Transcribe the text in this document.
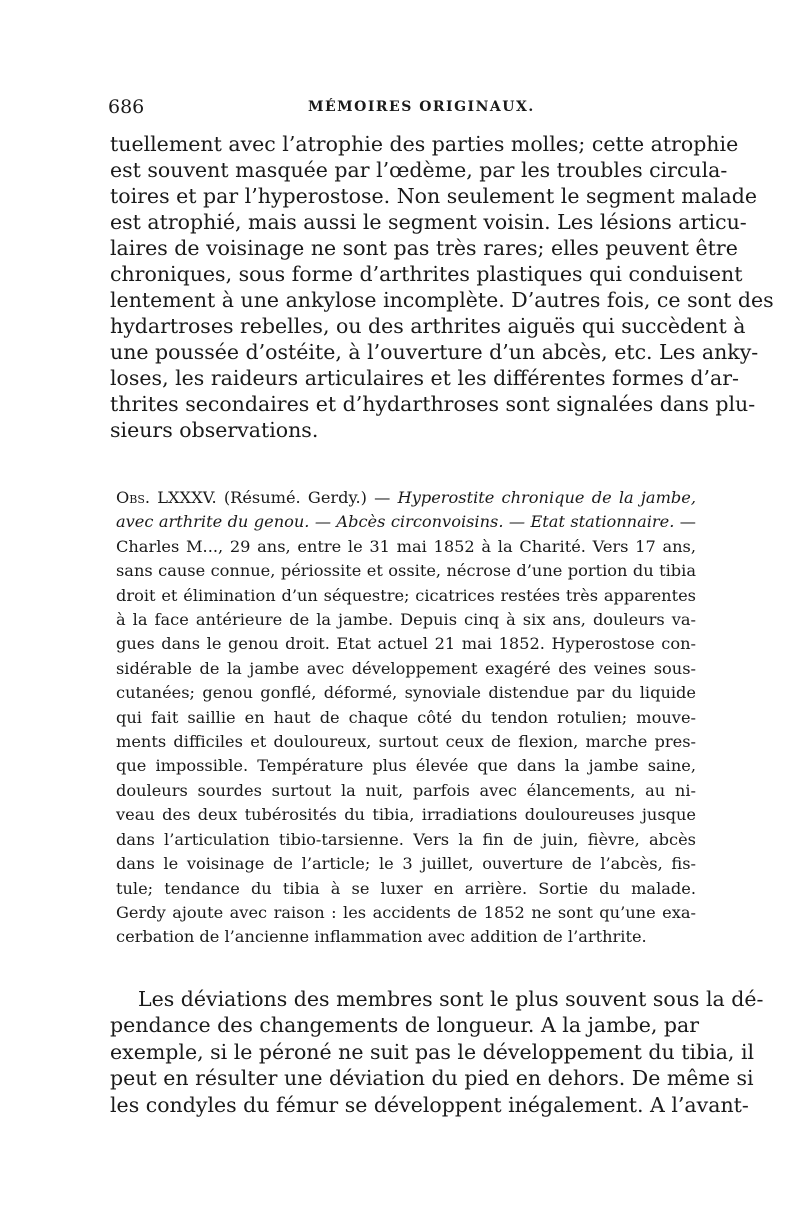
686	MÉMOIRES ORIGINAUX.

tuellement avec l’atrophie des parties molles; cette atrophie
est souvent masquée par l’œdème, par les troubles circula-
toires et par l’hyperostose. Non seulement le segment malade
est atrophié, mais aussi le segment voisin. Les lésions articu-
laires de voisinage ne sont pas très rares; elles peuvent être
chroniques, sous forme d’arthrites plastiques qui conduisent
lentement à une ankylose incomplète. D’autres fois, ce sont des
hydartroses rebelles, ou des arthrites aiguës qui succèdent à
une poussée d’ostéite, à l’ouverture d’un abcès, etc. Les anky-
loses, les raideurs articulaires et les différentes formes d’ar-
thrites secondaires et d’hydarthroses sont signalées dans plu-
sieurs observations.

Obs. LXXXV. (Résumé. Gerdy.) — Hyperostite chronique de la jambe,
avec arthrite du genou. — Abcès circonvoisins. — Etat stationnaire. —
Charles M..., 29 ans, entre le 31 mai 1852 à la Charité. Vers 17 ans,
sans cause connue, périossite et ossite, nécrose d’une portion du tibia
droit et élimination d’un séquestre; cicatrices restées très apparentes
à la face antérieure de la jambe. Depuis cinq à six ans, douleurs va-
gues dans le genou droit. Etat actuel 21 mai 1852. Hyperostose con-
sidérable de la jambe avec développement exagéré des veines sous-
cutanées; genou gonflé, déformé, synoviale distendue par du liquide
qui fait saillie en haut de chaque côté du tendon rotulien; mouve-
ments difficiles et douloureux, surtout ceux de flexion, marche pres-
que impossible. Température plus élevée que dans la jambe saine,
douleurs sourdes surtout la nuit, parfois avec élancements, au ni-
veau des deux tubérosités du tibia, irradiations douloureuses jusque
dans l’articulation tibio-tarsienne. Vers la fin de juin, fièvre, abcès
dans le voisinage de l’article; le 3 juillet, ouverture de l’abcès, fis-
tule; tendance du tibia à se luxer en arrière. Sortie du malade.
Gerdy ajoute avec raison : les accidents de 1852 ne sont qu’une exa-
cerbation de l’ancienne inflammation avec addition de l’arthrite.

Les déviations des membres sont le plus souvent sous la dé-
pendance des changements de longueur. A la jambe, par
exemple, si le péroné ne suit pas le développement du tibia, il
peut en résulter une déviation du pied en dehors. De même si
les condyles du fémur se développent inégalement. A l’avant-
